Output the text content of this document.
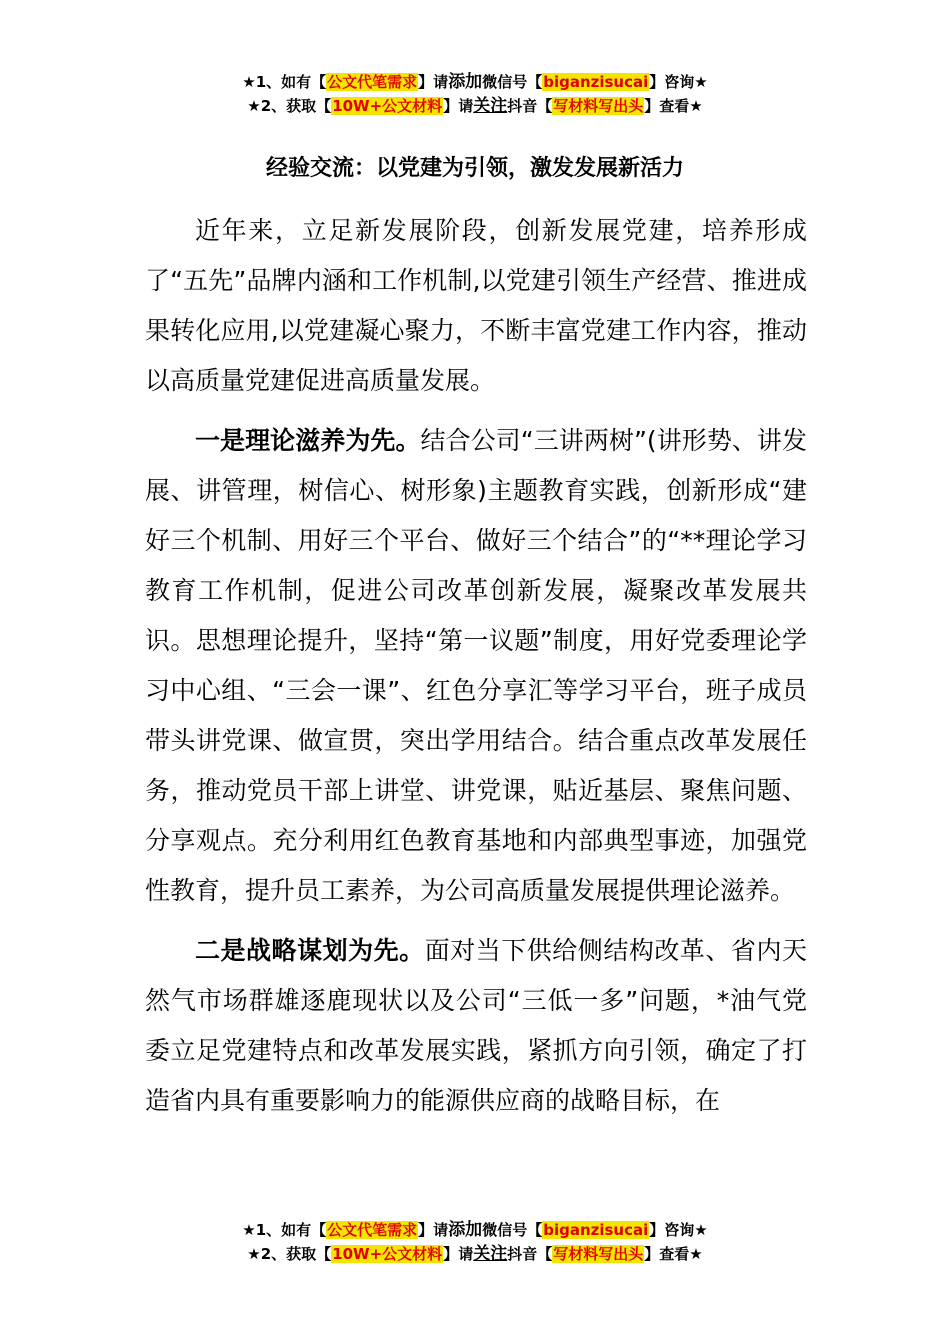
★1、如有【公文代笔需求】请添加微信号【biganzisucai】咨询★
★2、获取【10W+公文材料】请关注抖音【写材料写出头】查看★
经验交流：以党建为引领，激发发展新活力

近年来，立足新发展阶段，创新发展党建，培养形成了“五先”品牌内涵和工作机制,以党建引领生产经营、推进成果转化应用,以党建凝心聚力，不断丰富党建工作内容，推动以高质量党建促进高质量发展。

一是理论滋养为先。结合公司“三讲两树”(讲形势、讲发展、讲管理，树信心、树形象)主题教育实践，创新形成“建好三个机制、用好三个平台、做好三个结合”的“**理论学习教育工作机制，促进公司改革创新发展，凝聚改革发展共识。思想理论提升，坚持“第一议题”制度，用好党委理论学习中心组、“三会一课”、红色分享汇等学习平台，班子成员带头讲党课、做宣贯，突出学用结合。结合重点改革发展任务，推动党员干部上讲堂、讲党课，贴近基层、聚焦问题、分享观点。充分利用红色教育基地和内部典型事迹，加强党性教育，提升员工素养，为公司高质量发展提供理论滋养。

二是战略谋划为先。面对当下供给侧结构改革、省内天然气市场群雄逐鹿现状以及公司“三低一多”问题，*油气党委立足党建特点和改革发展实践，紧抓方向引领，确定了打造省内具有重要影响力的能源供应商的战略目标，在

★1、如有【公文代笔需求】请添加微信号【biganzisucai】咨询★
★2、获取【10W+公文材料】请关注抖音【写材料写出头】查看★
